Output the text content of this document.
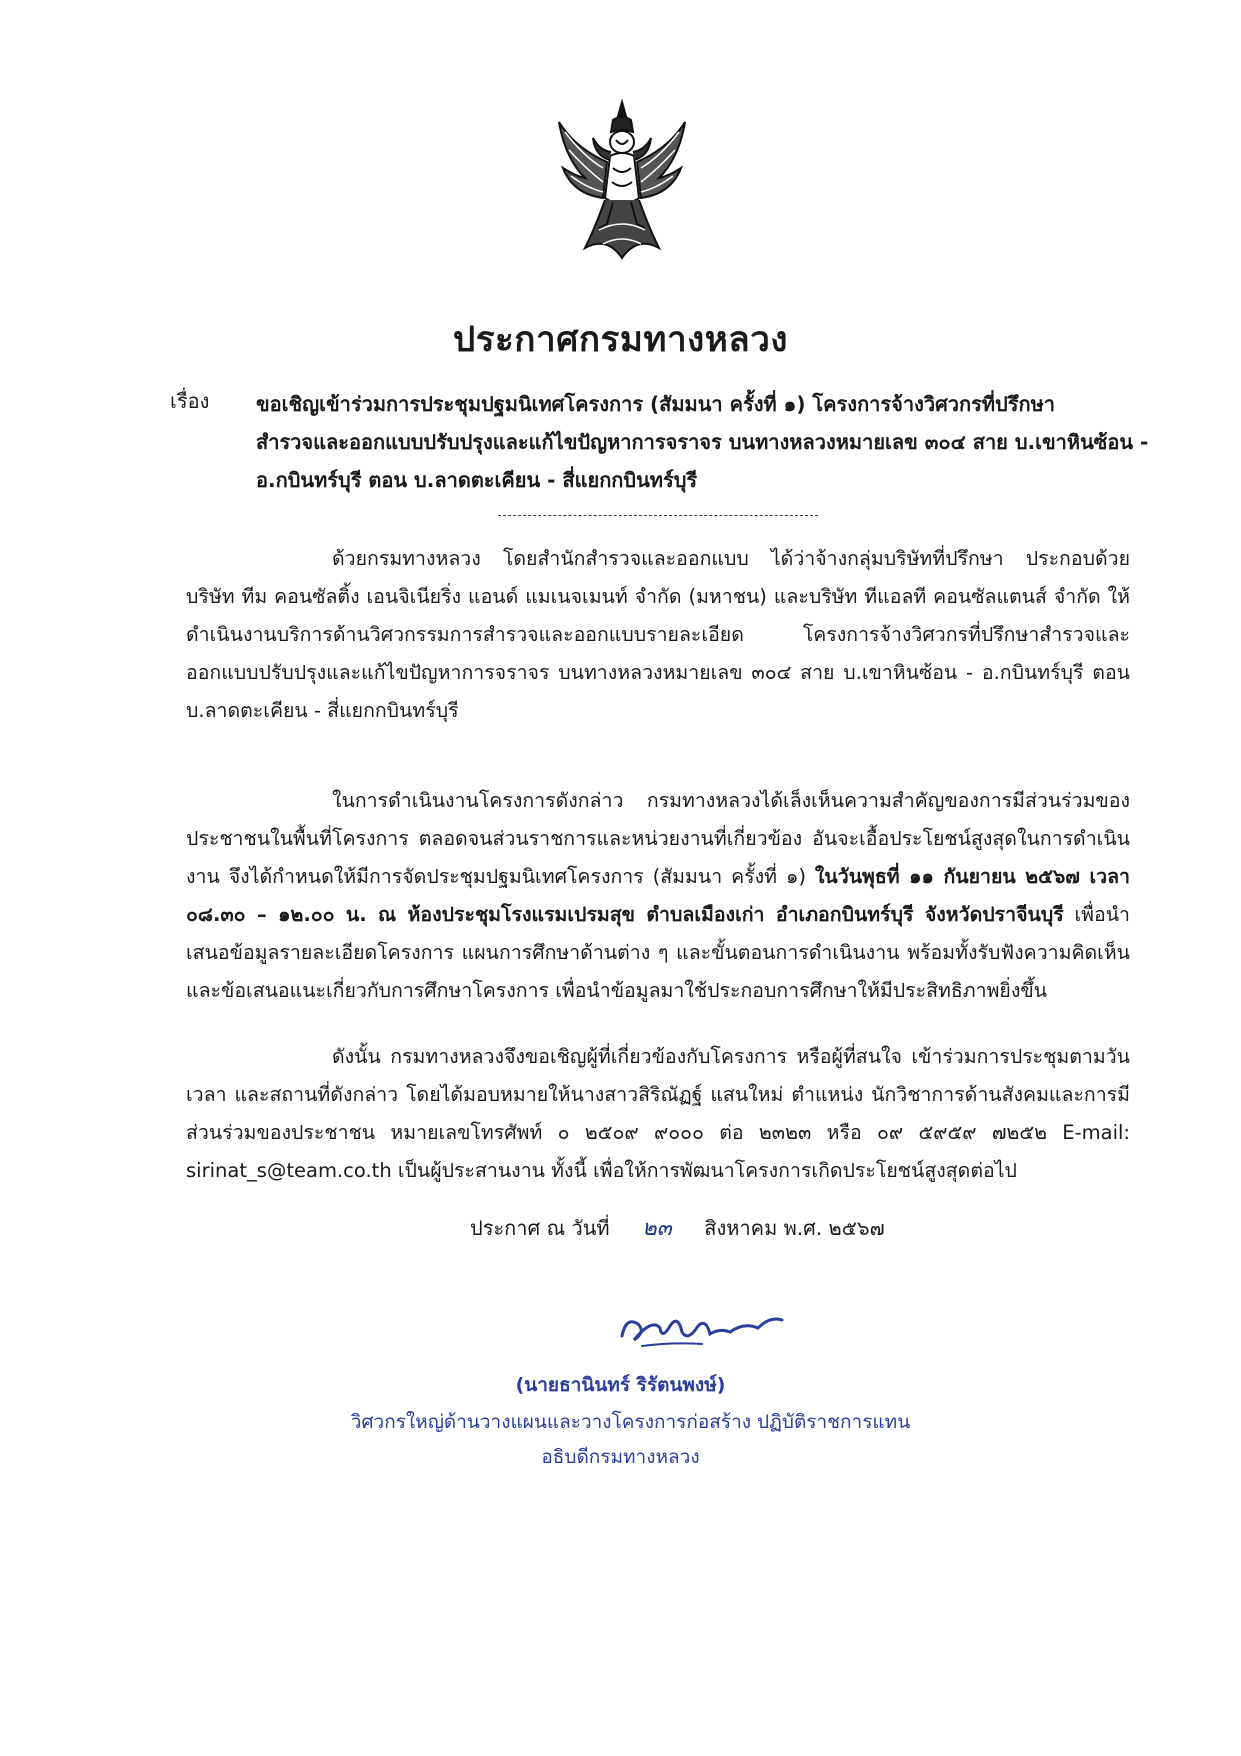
ประกาศกรมทางหลวง
เรื่อง ขอเชิญเข้าร่วมการประชุมปฐมนิเทศโครงการ (สัมมนา ครั้งที่ ๑) โครงการจ้างวิศวกรที่ปรึกษา
สำรวจและออกแบบปรับปรุงและแก้ไขปัญหาการจราจร บนทางหลวงหมายเลข ๓๐๔ สาย บ.เขาหินซ้อน -
อ.กบินทร์บุรี ตอน บ.ลาดตะเคียน - สี่แยกกบินทร์บุรี
ด้วยกรมทางหลวง โดยสำนักสำรวจและออกแบบ ได้ว่าจ้างกลุ่มบริษัทที่ปรึกษา ประกอบด้วย บริษัท ทีม คอนซัลติ้ง เอนจิเนียริ่ง แอนด์ แมเนจเมนท์ จำกัด (มหาชน) และบริษัท ทีแอลที คอนซัลแตนส์ จำกัด ให้ดำเนินงานบริการด้านวิศวกรรมการสำรวจและออกแบบรายละเอียด โครงการจ้างวิศวกรที่ปรึกษาสำรวจและออกแบบปรับปรุงและแก้ไขปัญหาการจราจร บนทางหลวงหมายเลข ๓๐๔ สาย บ.เขาหินซ้อน - อ.กบินทร์บุรี ตอน บ.ลาดตะเคียน - สี่แยกกบินทร์บุรี
ในการดำเนินงานโครงการดังกล่าว กรมทางหลวงได้เล็งเห็นความสำคัญของการมีส่วนร่วมของประชาชนในพื้นที่โครงการ ตลอดจนส่วนราชการและหน่วยงานที่เกี่ยวข้อง อันจะเอื้อประโยชน์สูงสุดในการดำเนินงาน จึงได้กำหนดให้มีการจัดประชุมปฐมนิเทศโครงการ (สัมมนา ครั้งที่ ๑) ในวันพุธที่ ๑๑ กันยายน ๒๕๖๗ เวลา ๐๘.๓๐ – ๑๒.๐๐ น. ณ ห้องประชุมโรงแรมเปรมสุข ตำบลเมืองเก่า อำเภอกบินทร์บุรี จังหวัดปราจีนบุรี เพื่อนำเสนอข้อมูลรายละเอียดโครงการ แผนการศึกษาด้านต่าง ๆ และขั้นตอนการดำเนินงาน พร้อมทั้งรับฟังความคิดเห็น และข้อเสนอแนะเกี่ยวกับการศึกษาโครงการ เพื่อนำข้อมูลมาใช้ประกอบการศึกษาให้มีประสิทธิภาพยิ่งขึ้น
ดังนั้น กรมทางหลวงจึงขอเชิญผู้ที่เกี่ยวข้องกับโครงการ หรือผู้ที่สนใจ เข้าร่วมการประชุมตามวัน เวลา และสถานที่ดังกล่าว โดยได้มอบหมายให้นางสาวสิริณัฏฐ์ แสนใหม่ ตำแหน่ง นักวิชาการด้านสังคมและการมีส่วนร่วมของประชาชน หมายเลขโทรศัพท์ ๐ ๒๕๐๙ ๙๐๐๐ ต่อ ๒๓๒๓ หรือ ๐๙ ๕๙๕๙ ๗๒๕๒ E-mail: sirinat_s@team.co.th เป็นผู้ประสานงาน ทั้งนี้ เพื่อให้การพัฒนาโครงการเกิดประโยชน์สูงสุดต่อไป
ประกาศ ณ วันที่ ๒๓ สิงหาคม พ.ศ. ๒๕๖๗
(นายธานินทร์ ริรัตนพงษ์)
วิศวกรใหญ่ด้านวางแผนและวางโครงการก่อสร้าง ปฏิบัติราชการแทน
อธิบดีกรมทางหลวง
